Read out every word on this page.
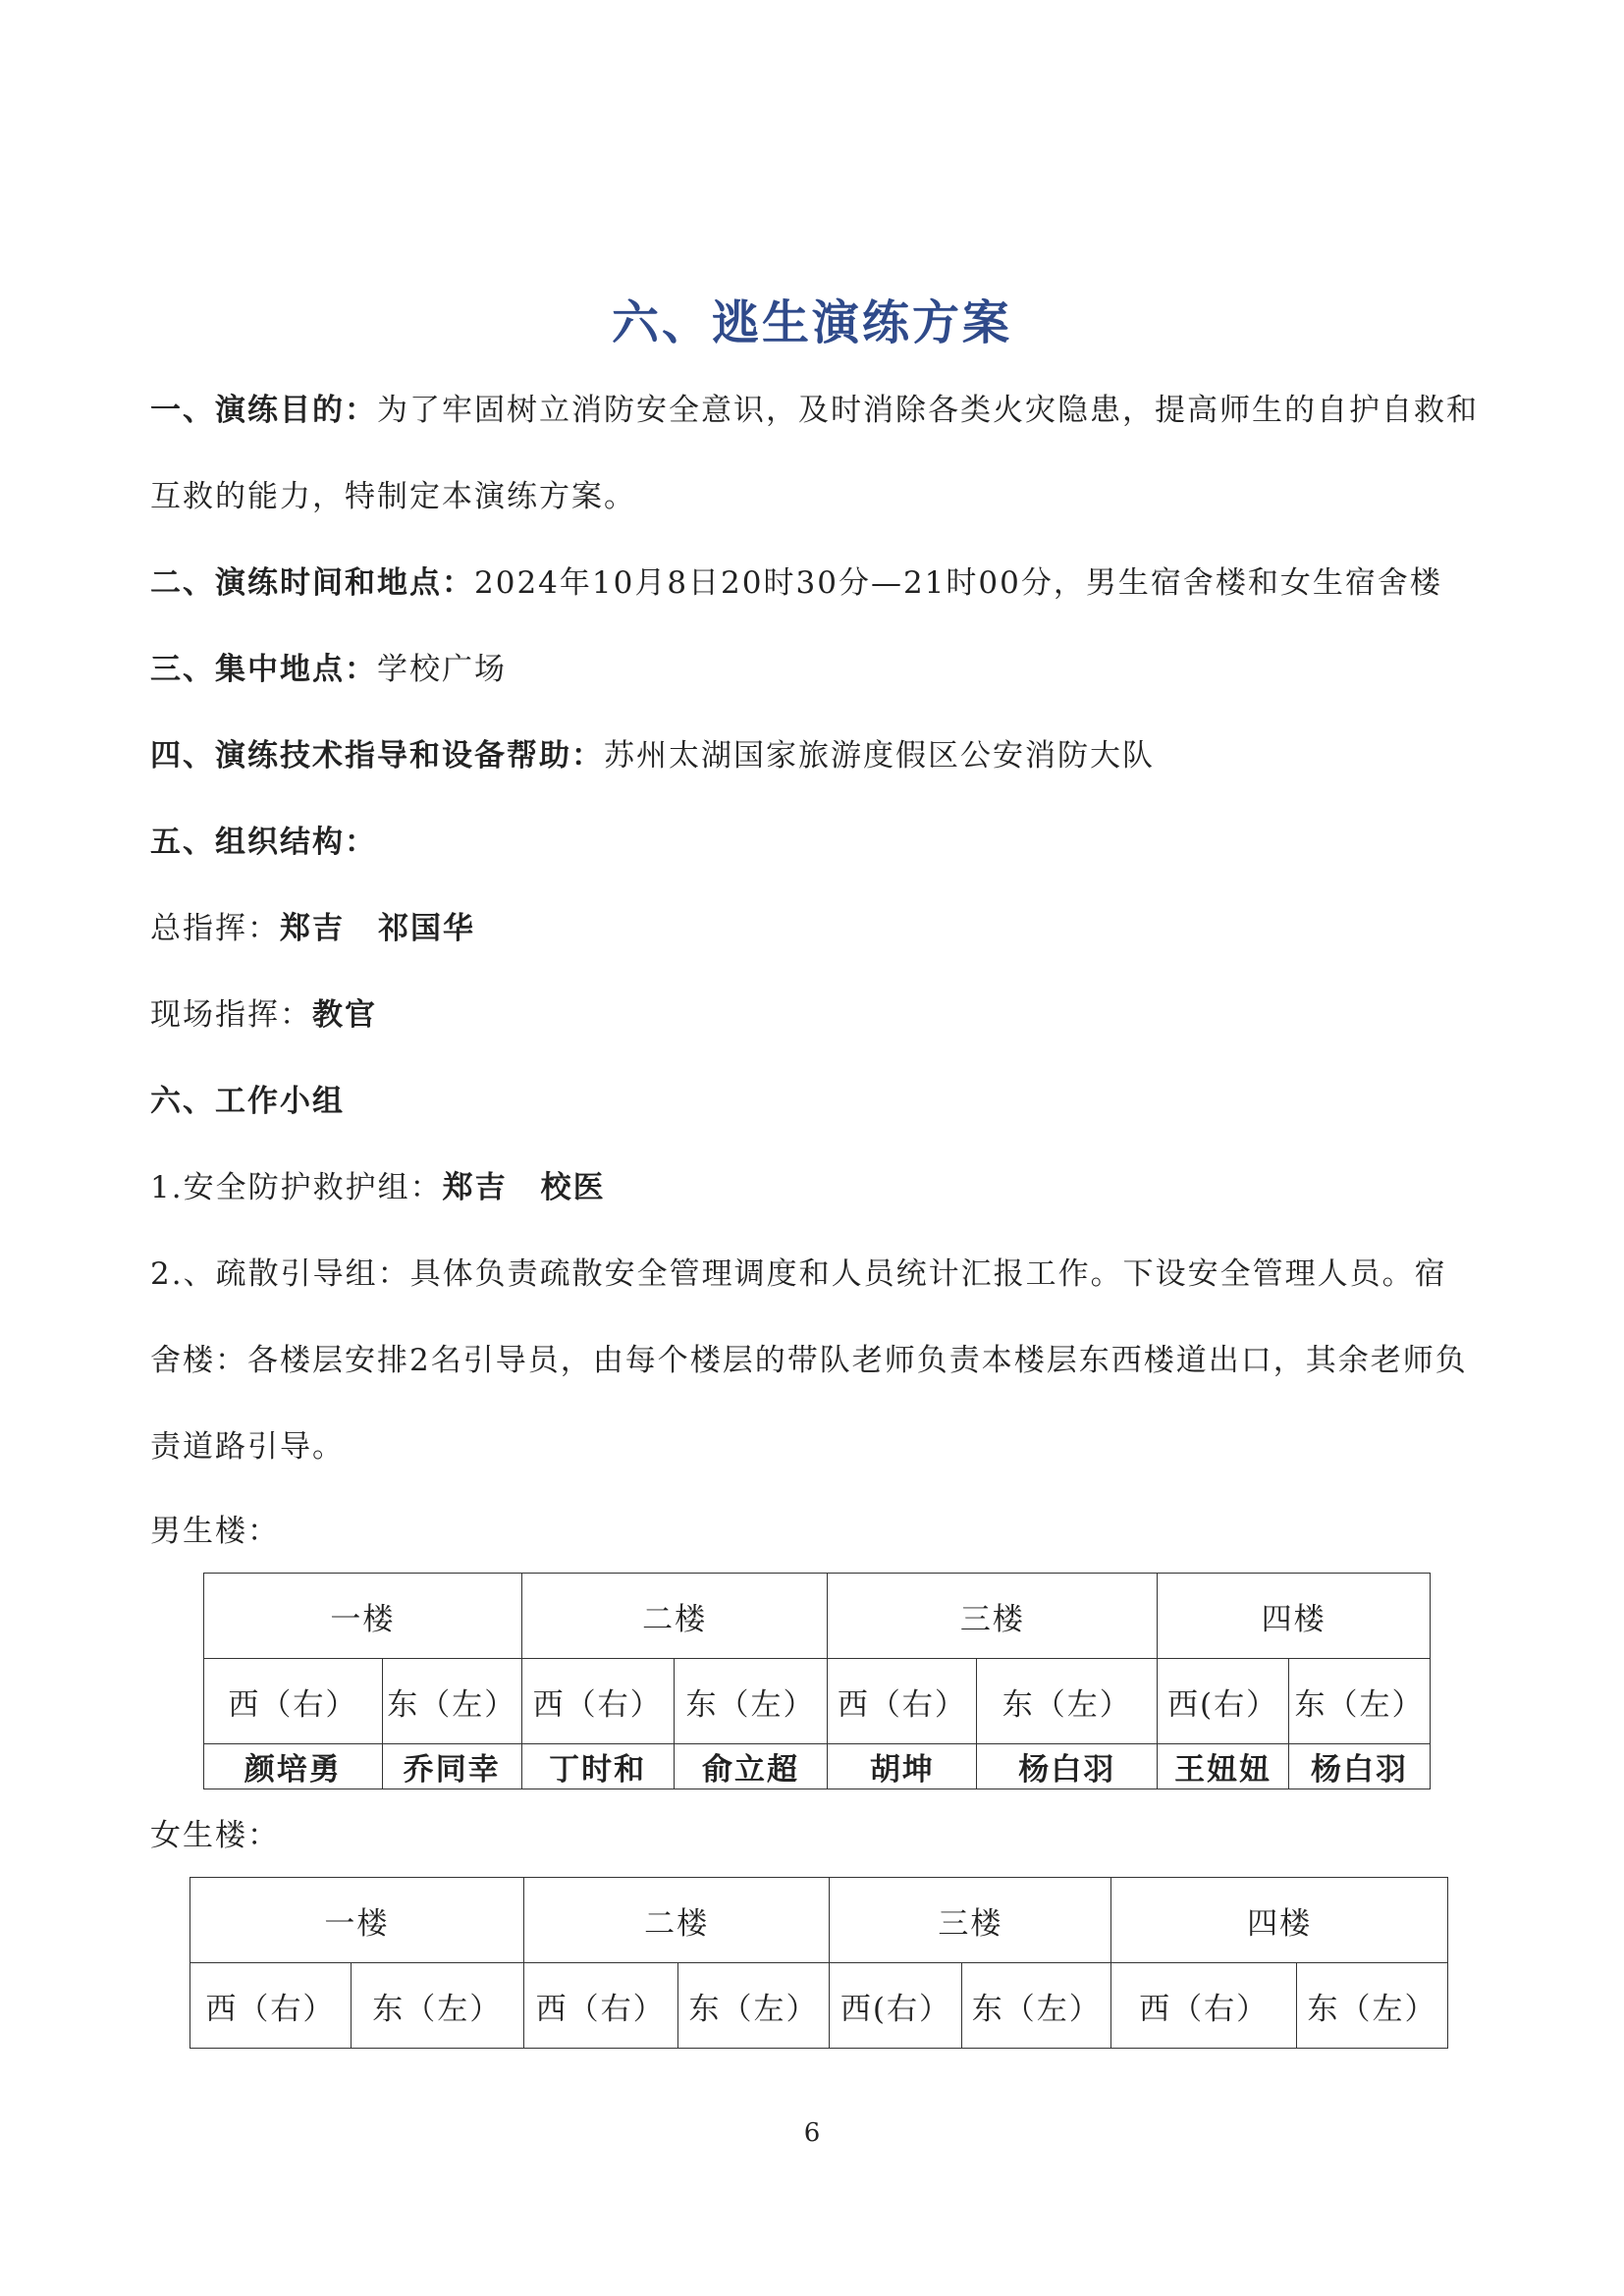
六、逃生演练方案
一、演练目的：为了牢固树立消防安全意识，及时消除各类火灾隐患，提高师生的自护自救和
互救的能力，特制定本演练方案。
二、演练时间和地点：2024年10月8日20时30分—21时00分，男生宿舍楼和女生宿舍楼
三、集中地点：学校广场
四、演练技术指导和设备帮助：苏州太湖国家旅游度假区公安消防大队
五、组织结构：
总指挥：郑吉 祁国华
现场指挥：教官
六、工作小组
1.安全防护救护组：郑吉 校医
2.、疏散引导组：具体负责疏散安全管理调度和人员统计汇报工作。下设安全管理人员。宿
舍楼：各楼层安排2名引导员，由每个楼层的带队老师负责本楼层东西楼道出口，其余老师负
责道路引导。
男生楼：
一楼		二楼		三楼		四楼	
西（右）	东（左）	西（右）	东（左）	西（右）	东（左）	西(右）	东（左）
颜培勇	乔同幸	丁时和	俞立超	胡坤	杨白羽	王妞妞	杨白羽
女生楼：
一楼		二楼		三楼		四楼	
西（右）	东（左）	西（右）	东（左）	西(右）	东（左）	西（右）	东（左）
6
